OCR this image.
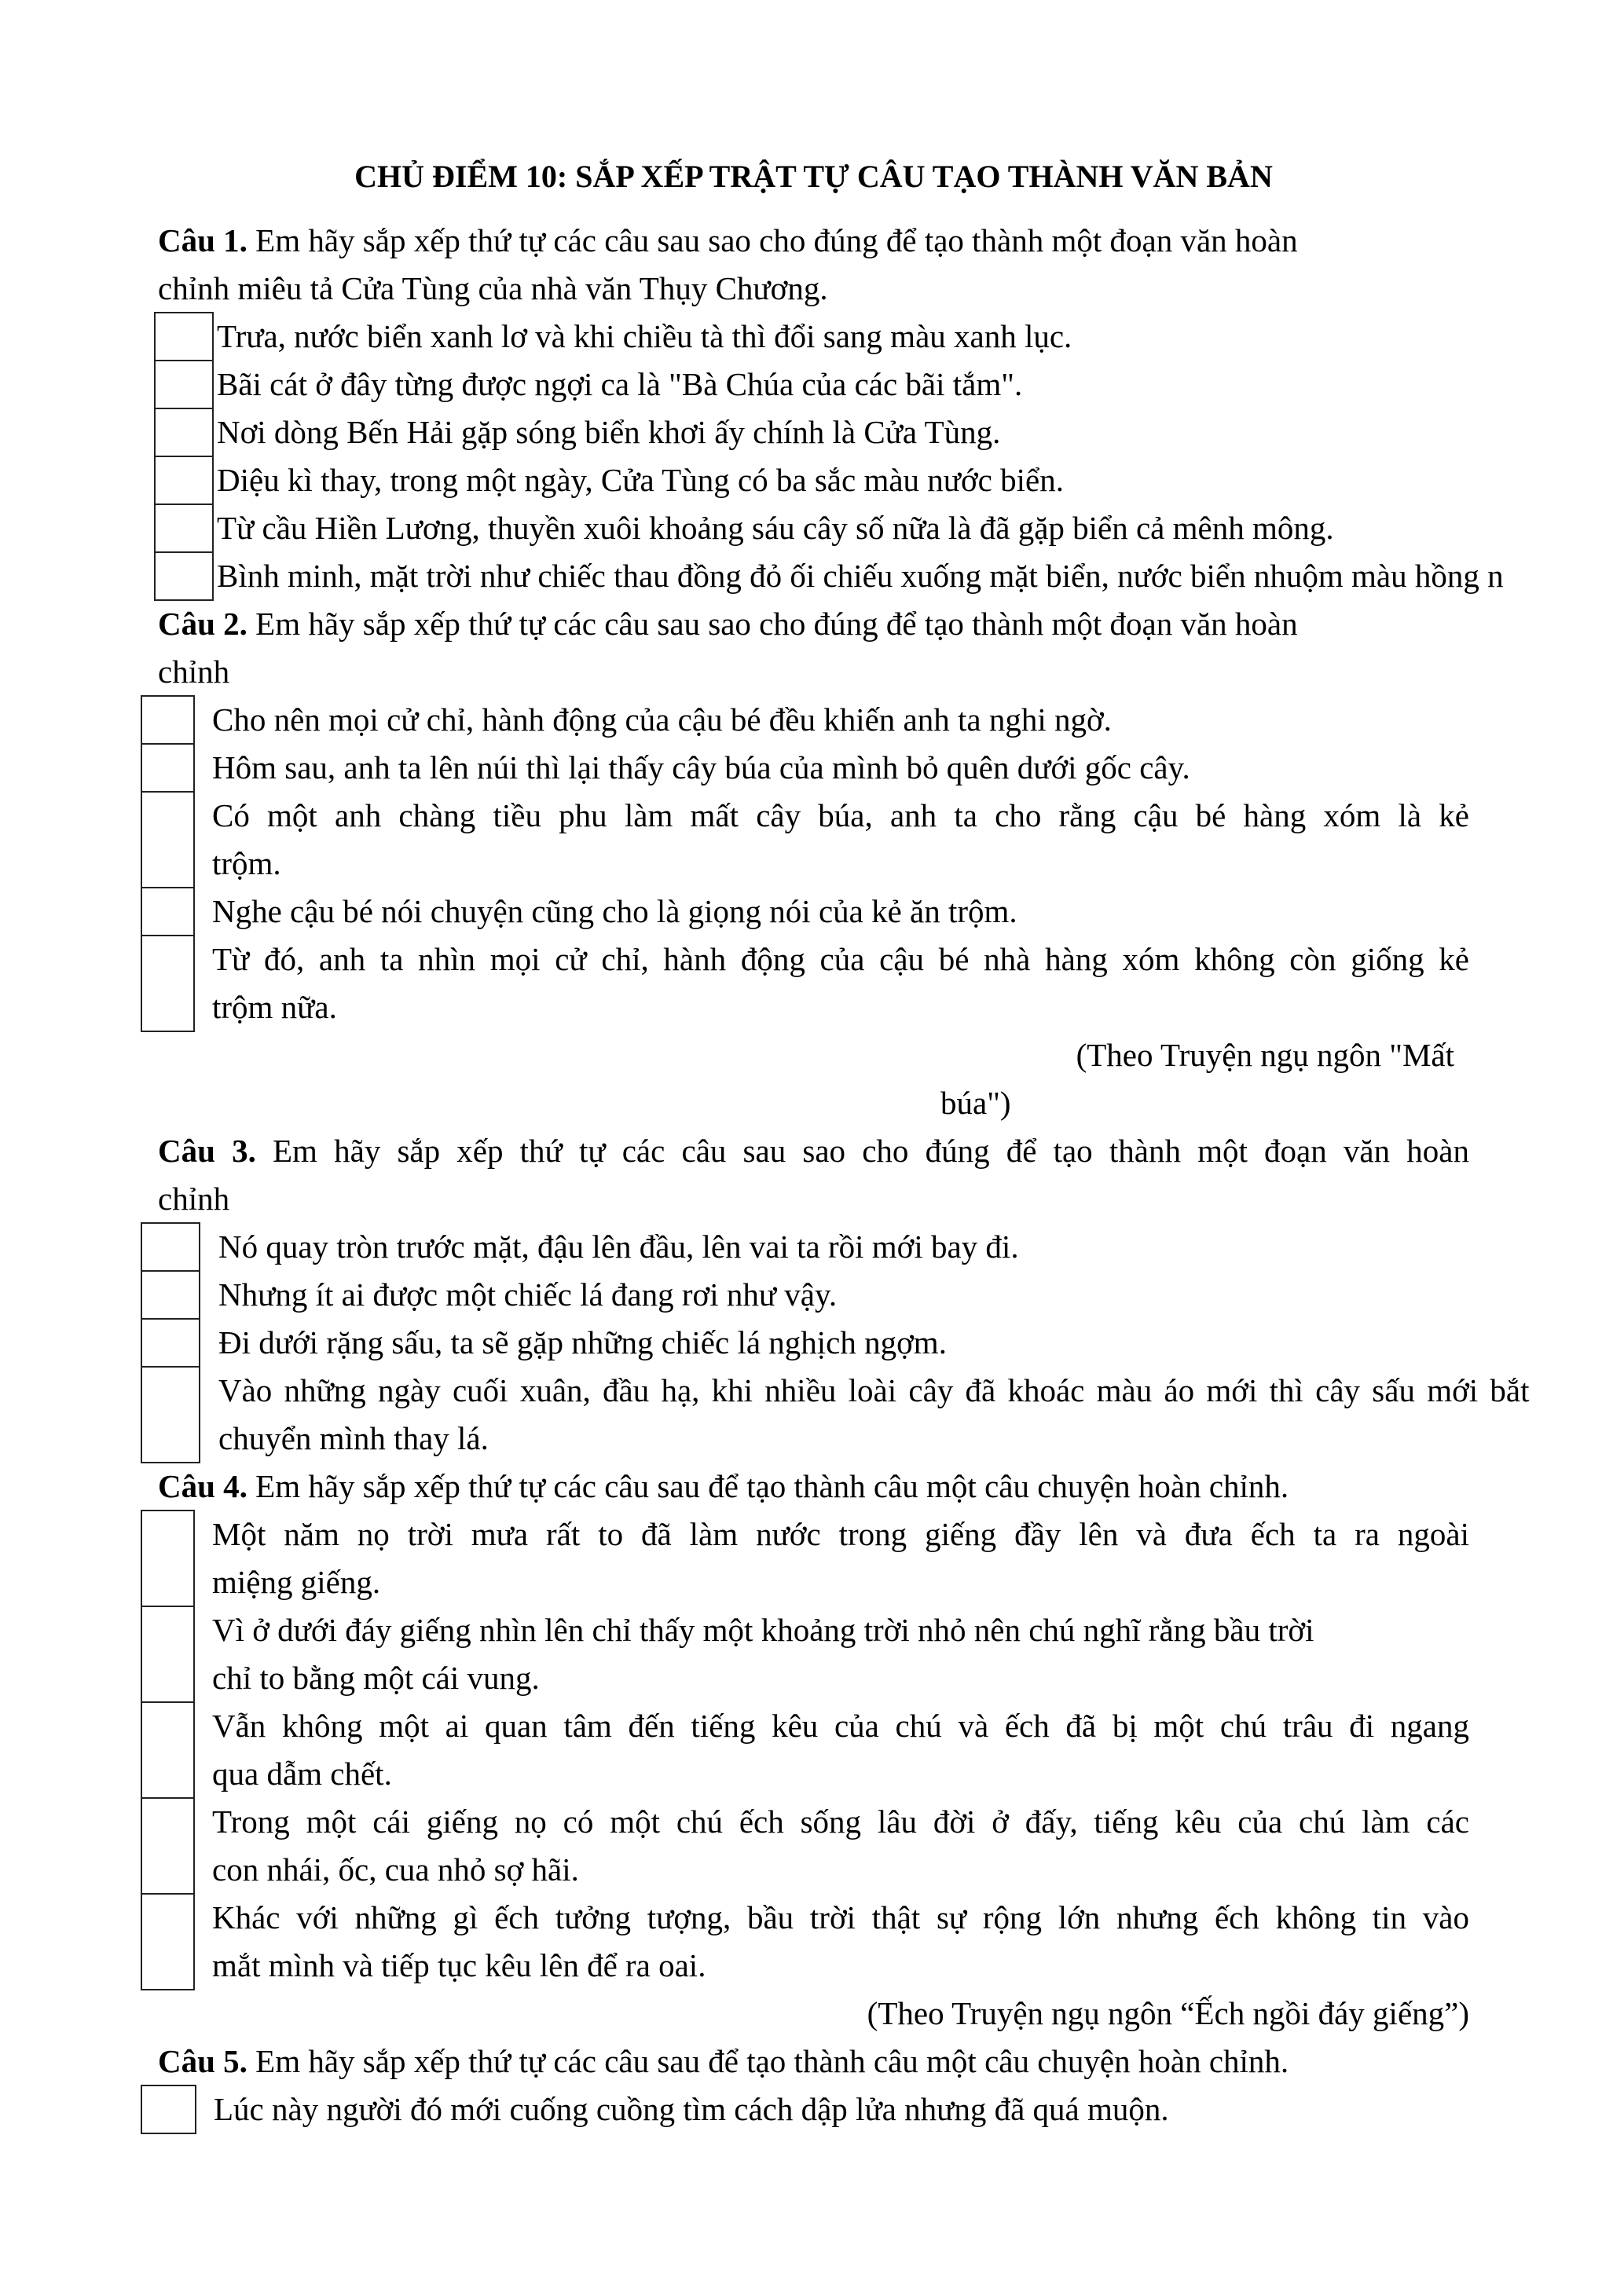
CHỦ ĐIỂM 10: SẮP XẾP TRẬT TỰ CÂU TẠO THÀNH VĂN BẢN
Câu 1. Em hãy sắp xếp thứ tự các câu sau sao cho đúng để tạo thành một đoạn văn hoàn
chỉnh miêu tả Cửa Tùng của nhà văn Thụy Chương.
Trưa, nước biển xanh lơ và khi chiều tà thì đổi sang màu xanh lục.
Bãi cát ở đây từng được ngợi ca là "Bà Chúa của các bãi tắm".
Nơi dòng Bến Hải gặp sóng biển khơi ấy chính là Cửa Tùng.
Diệu kì thay, trong một ngày, Cửa Tùng có ba sắc màu nước biển.
Từ cầu Hiền Lương, thuyền xuôi khoảng sáu cây số nữa là đã gặp biển cả mênh mông.
Bình minh, mặt trời như chiếc thau đồng đỏ ối chiếu xuống mặt biển, nước biển nhuộm màu hồng n
Câu 2. Em hãy sắp xếp thứ tự các câu sau sao cho đúng để tạo thành một đoạn văn hoàn
chỉnh
Cho nên mọi cử chỉ, hành động của cậu bé đều khiến anh ta nghi ngờ.
Hôm sau, anh ta lên núi thì lại thấy cây búa của mình bỏ quên dưới gốc cây.
Có một anh chàng tiều phu làm mất cây búa, anh ta cho rằng cậu bé hàng xóm là kẻ
trộm.
Nghe cậu bé nói chuyện cũng cho là giọng nói của kẻ ăn trộm.
Từ đó, anh ta nhìn mọi cử chỉ, hành động của cậu bé nhà hàng xóm không còn giống kẻ
trộm nữa.
(Theo Truyện ngụ ngôn "Mất
búa")
Câu 3. Em hãy sắp xếp thứ tự các câu sau sao cho đúng để tạo thành một đoạn văn hoàn
chỉnh
Nó quay tròn trước mặt, đậu lên đầu, lên vai ta rồi mới bay đi.
Nhưng ít ai được một chiếc lá đang rơi như vậy.
Đi dưới rặng sấu, ta sẽ gặp những chiếc lá nghịch ngợm.
Vào những ngày cuối xuân, đầu hạ, khi nhiều loài cây đã khoác màu áo mới thì cây sấu mới bắt
chuyển mình thay lá.
Câu 4. Em hãy sắp xếp thứ tự các câu sau để tạo thành câu một câu chuyện hoàn chỉnh.
Một năm nọ trời mưa rất to đã làm nước trong giếng đầy lên và đưa ếch ta ra ngoài
miệng giếng.
Vì ở dưới đáy giếng nhìn lên chỉ thấy một khoảng trời nhỏ nên chú nghĩ rằng bầu trời
chỉ to bằng một cái vung.
Vẫn không một ai quan tâm đến tiếng kêu của chú và ếch đã bị một chú trâu đi ngang
qua dẫm chết.
Trong một cái giếng nọ có một chú ếch sống lâu đời ở đấy, tiếng kêu của chú làm các
con nhái, ốc, cua nhỏ sợ hãi.
Khác với những gì ếch tưởng tượng, bầu trời thật sự rộng lớn nhưng ếch không tin vào
mắt mình và tiếp tục kêu lên để ra oai.
(Theo Truyện ngụ ngôn “Ếch ngồi đáy giếng”)
Câu 5. Em hãy sắp xếp thứ tự các câu sau để tạo thành câu một câu chuyện hoàn chỉnh.
Lúc này người đó mới cuống cuồng tìm cách dập lửa nhưng đã quá muộn.
